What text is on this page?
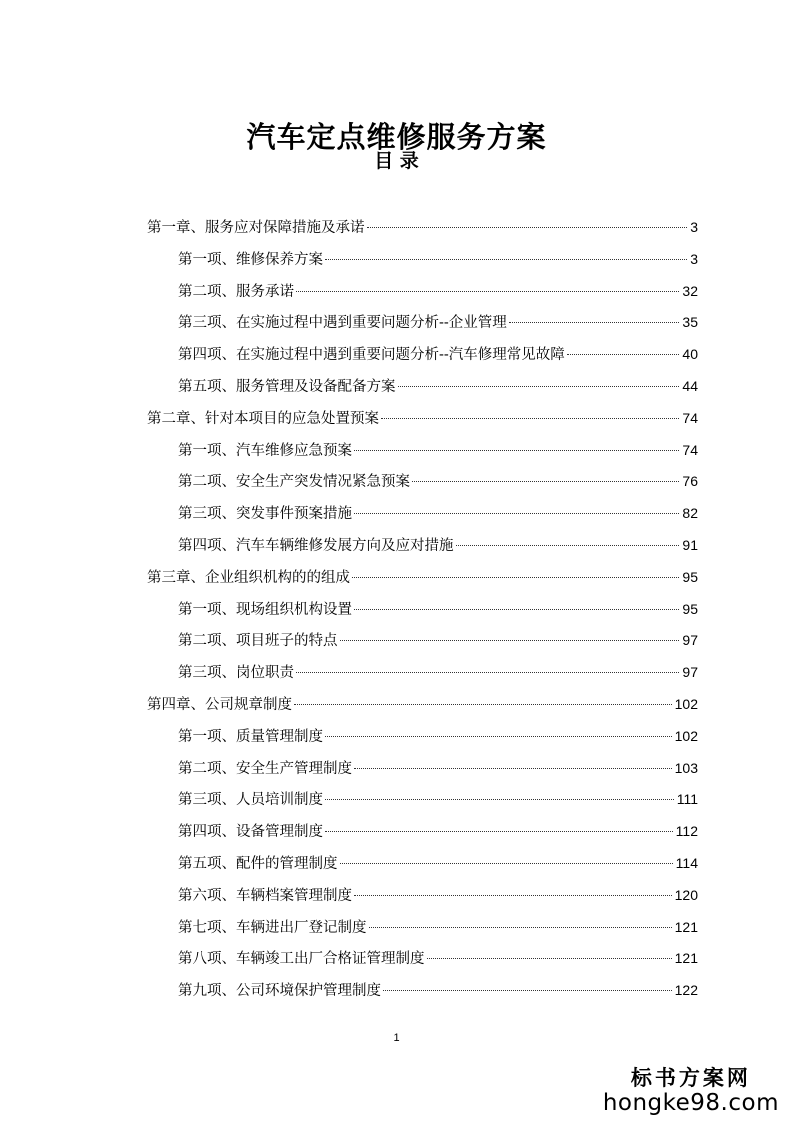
汽车定点维修服务方案
目 录
第一章、服务应对保障措施及承诺	3
第一项、维修保养方案	3
第二项、服务承诺	32
第三项、在实施过程中遇到重要问题分析--企业管理	35
第四项、在实施过程中遇到重要问题分析--汽车修理常见故障	40
第五项、服务管理及设备配备方案	44
第二章、针对本项目的应急处置预案	74
第一项、汽车维修应急预案	74
第二项、安全生产突发情况紧急预案	76
第三项、突发事件预案措施	82
第四项、汽车车辆维修发展方向及应对措施	91
第三章、企业组织机构的的组成	95
第一项、现场组织机构设置	95
第二项、项目班子的特点	97
第三项、岗位职责	97
第四章、公司规章制度	102
第一项、质量管理制度	102
第二项、安全生产管理制度	103
第三项、人员培训制度	111
第四项、设备管理制度	112
第五项、配件的管理制度	114
第六项、车辆档案管理制度	120
第七项、车辆进出厂登记制度	121
第八项、车辆竣工出厂合格证管理制度	121
第九项、公司环境保护管理制度	122
1
标书方案网
hongke98.com
